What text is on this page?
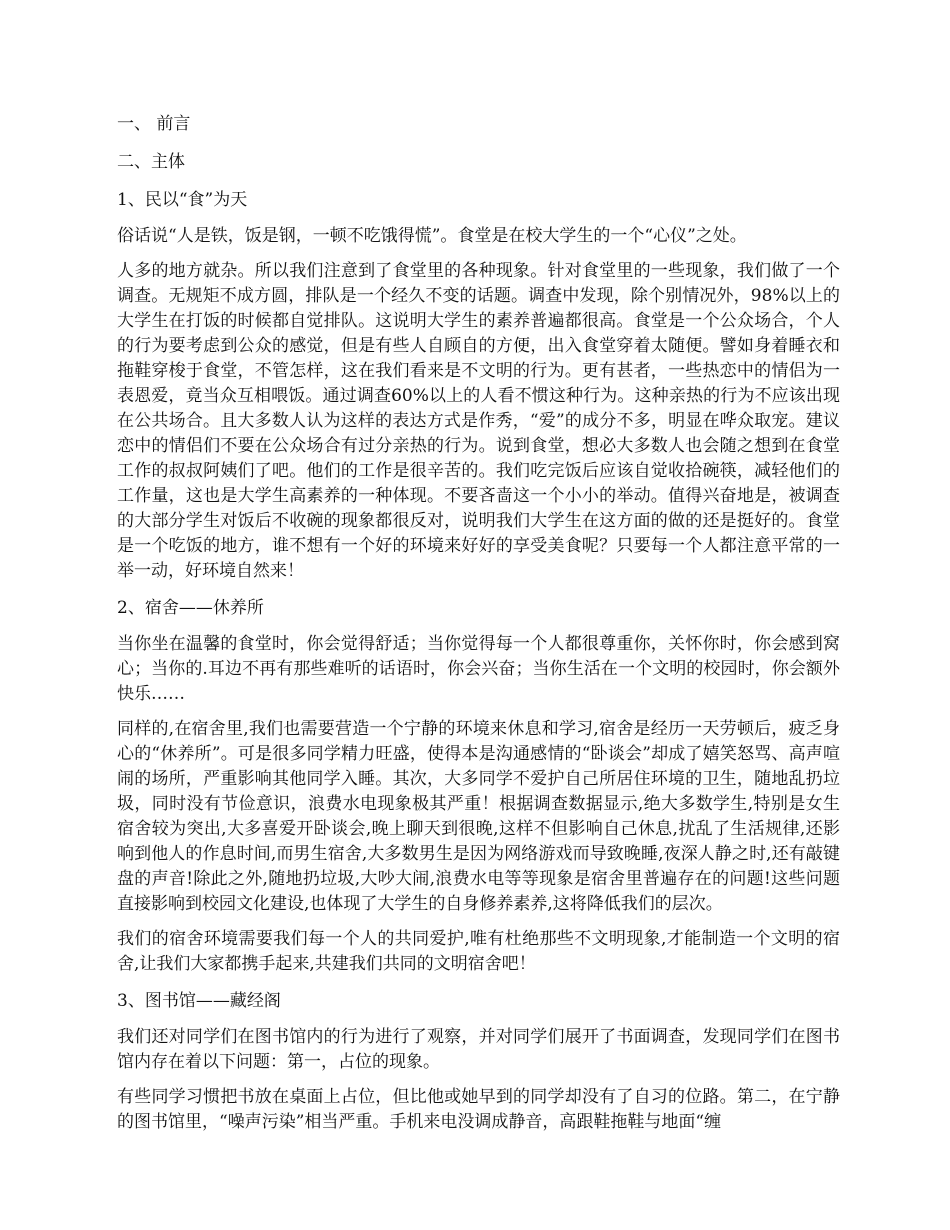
一、 前言
二、主体
1、民以“食”为天

俗话说“人是铁，饭是钢，一顿不吃饿得慌”。食堂是在校大学生的一个“心仪”之处。

人多的地方就杂。所以我们注意到了食堂里的各种现象。针对食堂里的一些现象，我们做了一个调查。无规矩不成方圆，排队是一个经久不变的话题。调查中发现，除个别情况外，98%以上的大学生在打饭的时候都自觉排队。这说明大学生的素养普遍都很高。食堂是一个公众场合，个人的行为要考虑到公众的感觉，但是有些人自顾自的方便，出入食堂穿着太随便。譬如身着睡衣和拖鞋穿梭于食堂，不管怎样，这在我们看来是不文明的行为。更有甚者，一些热恋中的情侣为一表恩爱，竟当众互相喂饭。通过调查60%以上的人看不惯这种行为。这种亲热的行为不应该出现在公共场合。且大多数人认为这样的表达方式是作秀，“爱”的成分不多，明显在哗众取宠。建议恋中的情侣们不要在公众场合有过分亲热的行为。说到食堂，想必大多数人也会随之想到在食堂工作的叔叔阿姨们了吧。他们的工作是很辛苦的。我们吃完饭后应该自觉收拾碗筷，减轻他们的工作量，这也是大学生高素养的一种体现。不要吝啬这一个小小的举动。值得兴奋地是，被调查的大部分学生对饭后不收碗的现象都很反对，说明我们大学生在这方面的做的还是挺好的。食堂是一个吃饭的地方，谁不想有一个好的环境来好好的享受美食呢？只要每一个人都注意平常的一举一动，好环境自然来！

2、宿舍——休养所

当你坐在温馨的食堂时，你会觉得舒适；当你觉得每一个人都很尊重你，关怀你时，你会感到窝心；当你的.耳边不再有那些难听的话语时，你会兴奋；当你生活在一个文明的校园时，你会额外快乐……

同样的,在宿舍里,我们也需要营造一个宁静的环境来休息和学习,宿舍是经历一天劳顿后，疲乏身心的“休养所”。可是很多同学精力旺盛，使得本是沟通感情的“卧谈会”却成了嬉笑怒骂、高声喧闹的场所，严重影响其他同学入睡。其次，大多同学不爱护自己所居住环境的卫生，随地乱扔垃圾，同时没有节俭意识，浪费水电现象极其严重！根据调查数据显示,绝大多数学生,特别是女生宿舍较为突出,大多喜爱开卧谈会,晚上聊天到很晚,这样不但影响自己休息,扰乱了生活规律,还影响到他人的作息时间,而男生宿舍,大多数男生是因为网络游戏而导致晚睡,夜深人静之时,还有敲键盘的声音!除此之外,随地扔垃圾,大吵大闹,浪费水电等等现象是宿舍里普遍存在的问题!这些问题直接影响到校园文化建设,也体现了大学生的自身修养素养,这将降低我们的层次。

我们的宿舍环境需要我们每一个人的共同爱护,唯有杜绝那些不文明现象,才能制造一个文明的宿舍,让我们大家都携手起来,共建我们共同的文明宿舍吧！

3、图书馆——藏经阁

我们还对同学们在图书馆内的行为进行了观察，并对同学们展开了书面调查，发现同学们在图书馆内存在着以下问题：第一，占位的现象。

有些同学习惯把书放在桌面上占位，但比他或她早到的同学却没有了自习的位路。第二，在宁静的图书馆里，“噪声污染”相当严重。手机来电没调成静音，高跟鞋拖鞋与地面“缠
